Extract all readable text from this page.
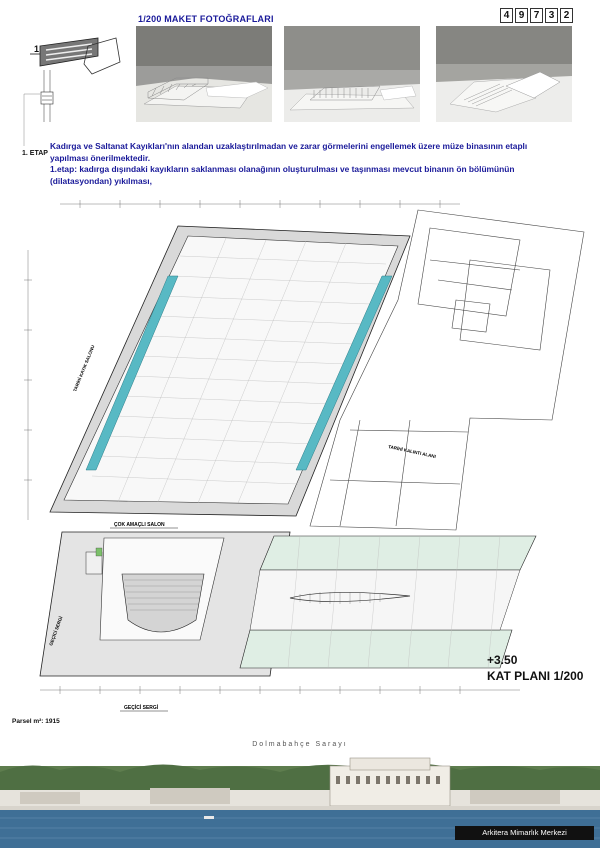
1/200 MAKET FOTOĞRAFLARI	4 9 7 3 2
1
1. ETAP
Kadırga ve Saltanat Kayıkları'nın alandan uzaklaştırılmadan ve zarar görmelerini engellemek üzere müze binasının etaplı
yapılması önerilmektedir.
1.etap: kadırga dışındaki kayıkların saklanması olanağının oluşturulması ve taşınması mevcut binanın ön bölümünün
(dilatasyondan) yıkılması,
TARİHİ KALINTI ALANI
TARİHİ KAYIK SALONU
ÇOK AMAÇLI SALON
GEÇİCİ SERGİ
GEÇİCİ SERGİ
+3.50
KAT PLANI 1/200
Parsel m²: 1915
Dolmabahçe Sarayı
Arkitera Mimarlık Merkezi
